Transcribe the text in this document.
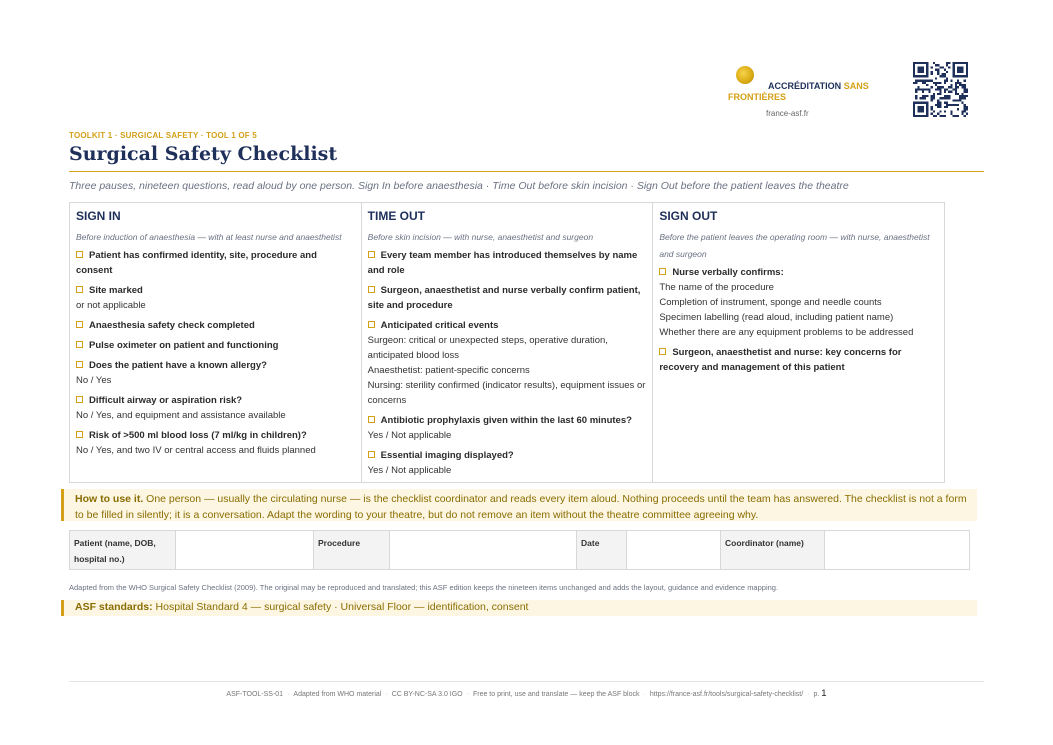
ACCRÉDITATION SANS FRONTIÈRES
france-asf.fr
TOOLKIT 1 · SURGICAL SAFETY · TOOL 1 OF 5
Surgical Safety Checklist
Three pauses, nineteen questions, read aloud by one person. Sign In before anaesthesia · Time Out before skin incision · Sign Out before the patient leaves the theatre
SIGN IN
Before induction of anaesthesia — with at least nurse and anaesthetist
Patient has confirmed identity, site, procedure and consent
Site marked
or not applicable
Anaesthesia safety check completed
Pulse oximeter on patient and functioning
Does the patient have a known allergy?
No / Yes
Difficult airway or aspiration risk?
No / Yes, and equipment and assistance available
Risk of >500 ml blood loss (7 ml/kg in children)?
No / Yes, and two IV or central access and fluids planned
TIME OUT
Before skin incision — with nurse, anaesthetist and surgeon
Every team member has introduced themselves by name and role
Surgeon, anaesthetist and nurse verbally confirm patient, site and procedure
Anticipated critical events
Surgeon: critical or unexpected steps, operative duration, anticipated blood loss
Anaesthetist: patient-specific concerns
Nursing: sterility confirmed (indicator results), equipment issues or concerns
Antibiotic prophylaxis given within the last 60 minutes?
Yes / Not applicable
Essential imaging displayed?
Yes / Not applicable
SIGN OUT
Before the patient leaves the operating room — with nurse, anaesthetist and surgeon
Nurse verbally confirms:
The name of the procedure
Completion of instrument, sponge and needle counts
Specimen labelling (read aloud, including patient name)
Whether there are any equipment problems to be addressed
Surgeon, anaesthetist and nurse: key concerns for recovery and management of this patient
How to use it. One person — usually the circulating nurse — is the checklist coordinator and reads every item aloud. Nothing proceeds until the team has answered. The checklist is not a form to be filled in silently; it is a conversation. Adapt the wording to your theatre, but do not remove an item without the theatre committee agreeing why.
Patient (name, DOB, hospital no.)
Procedure	Date	Coordinator (name)
Adapted from the WHO Surgical Safety Checklist (2009). The original may be reproduced and translated; this ASF edition keeps the nineteen items unchanged and adds the layout, guidance and evidence mapping.
ASF standards: Hospital Standard 4 — surgical safety · Universal Floor — identification, consent
ASF-TOOL-SS-01 · Adapted from WHO material · CC BY-NC-SA 3.0 IGO · Free to print, use and translate — keep the ASF block · https://france-asf.fr/tools/surgical-safety-checklist/ · p. 1
